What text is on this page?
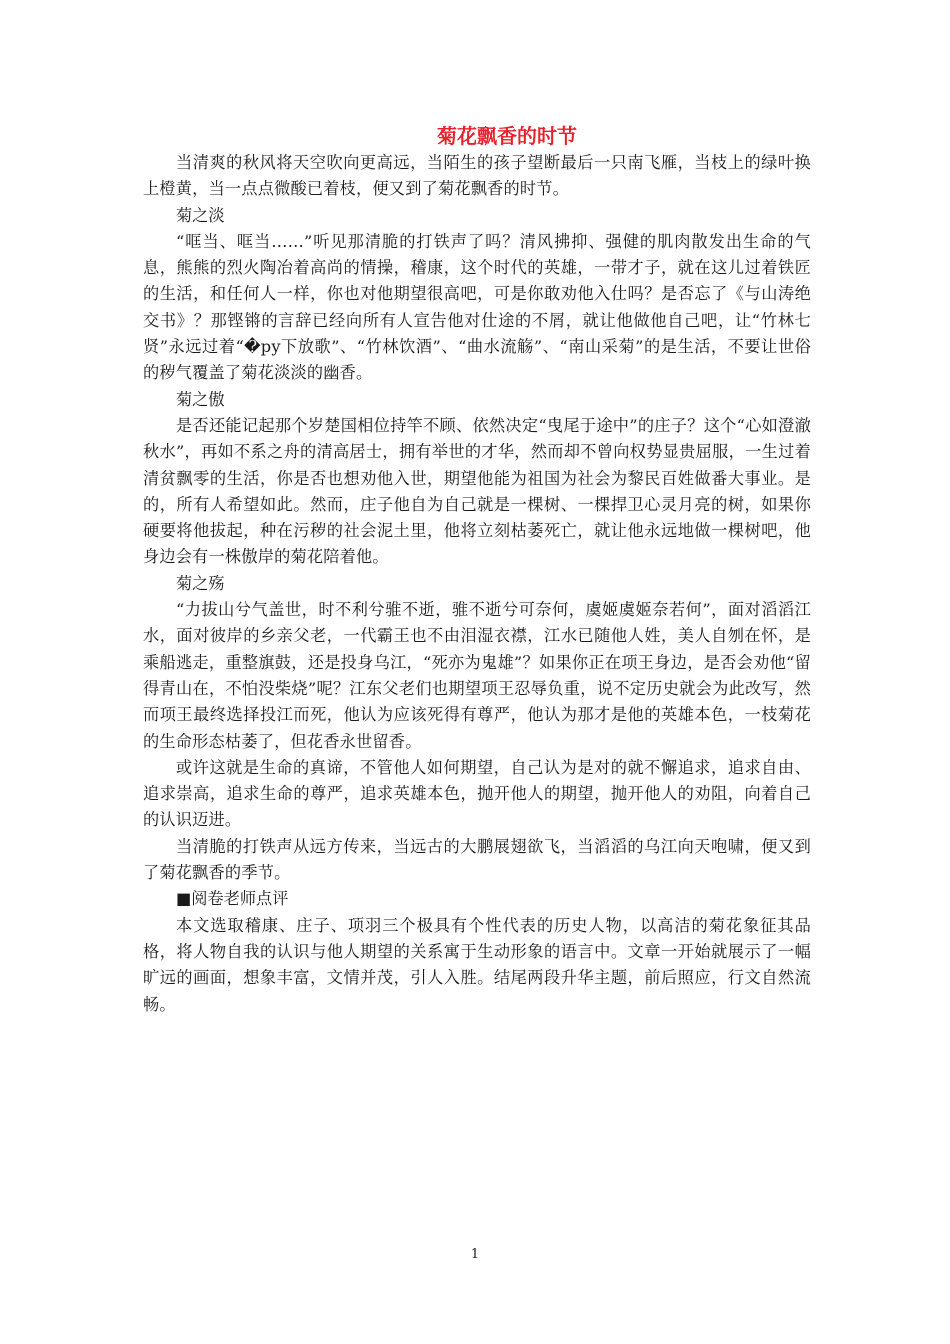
菊花飘香的时节

当清爽的秋风将天空吹向更高远，当陌生的孩子望断最后一只南飞雁，当枝上的绿叶换上橙黄，当一点点微酸已着枝，便又到了菊花飘香的时节。

菊之淡

“哐当、哐当……”听见那清脆的打铁声了吗？清风拂抑、强健的肌肉散发出生命的气息，熊熊的烈火陶冶着高尚的情操，稽康，这个时代的英雄，一带才子，就在这儿过着铁匠的生活，和任何人一样，你也对他期望很高吧，可是你敢劝他入仕吗？是否忘了《与山涛绝交书》？那铿锵的言辞已经向所有人宣告他对仕途的不屑，就让他做他自己吧，让“竹林七贤”永远过着“�py下放歌”、“竹林饮酒”、“曲水流觞”、“南山采菊”的是生活，不要让世俗的秽气覆盖了菊花淡淡的幽香。

菊之傲

是否还能记起那个岁楚国相位持竿不顾、依然决定“曳尾于途中”的庄子？这个“心如澄澈秋水”，再如不系之舟的清高居士，拥有举世的才华，然而却不曾向权势显贵屈服，一生过着清贫飘零的生活，你是否也想劝他入世，期望他能为祖国为社会为黎民百姓做番大事业。是的，所有人希望如此。然而，庄子他自为自己就是一棵树、一棵捍卫心灵月亮的树，如果你硬要将他拔起，种在污秽的社会泥土里，他将立刻枯萎死亡，就让他永远地做一棵树吧，他身边会有一株傲岸的菊花陪着他。

菊之殇

“力拔山兮气盖世，时不利兮骓不逝，骓不逝兮可奈何，虞姬虞姬奈若何”，面对滔滔江水，面对彼岸的乡亲父老，一代霸王也不由泪湿衣襟，江水已随他人姓，美人自刎在怀，是乘船逃走，重整旗鼓，还是投身乌江，“死亦为鬼雄”？如果你正在项王身边，是否会劝他“留得青山在，不怕没柴烧”呢？江东父老们也期望项王忍辱负重，说不定历史就会为此改写，然而项王最终选择投江而死，他认为应该死得有尊严，他认为那才是他的英雄本色，一枝菊花的生命形态枯萎了，但花香永世留香。

或许这就是生命的真谛，不管他人如何期望，自己认为是对的就不懈追求，追求自由、追求崇高，追求生命的尊严，追求英雄本色，抛开他人的期望，抛开他人的劝阻，向着自己的认识迈进。

当清脆的打铁声从远方传来，当远古的大鹏展翅欲飞，当滔滔的乌江向天咆啸，便又到了菊花飘香的季节。

■阅卷老师点评

本文选取稽康、庄子、项羽三个极具有个性代表的历史人物，以高洁的菊花象征其品格，将人物自我的认识与他人期望的关系寓于生动形象的语言中。文章一开始就展示了一幅旷远的画面，想象丰富，文情并茂，引人入胜。结尾两段升华主题，前后照应，行文自然流畅。

1
